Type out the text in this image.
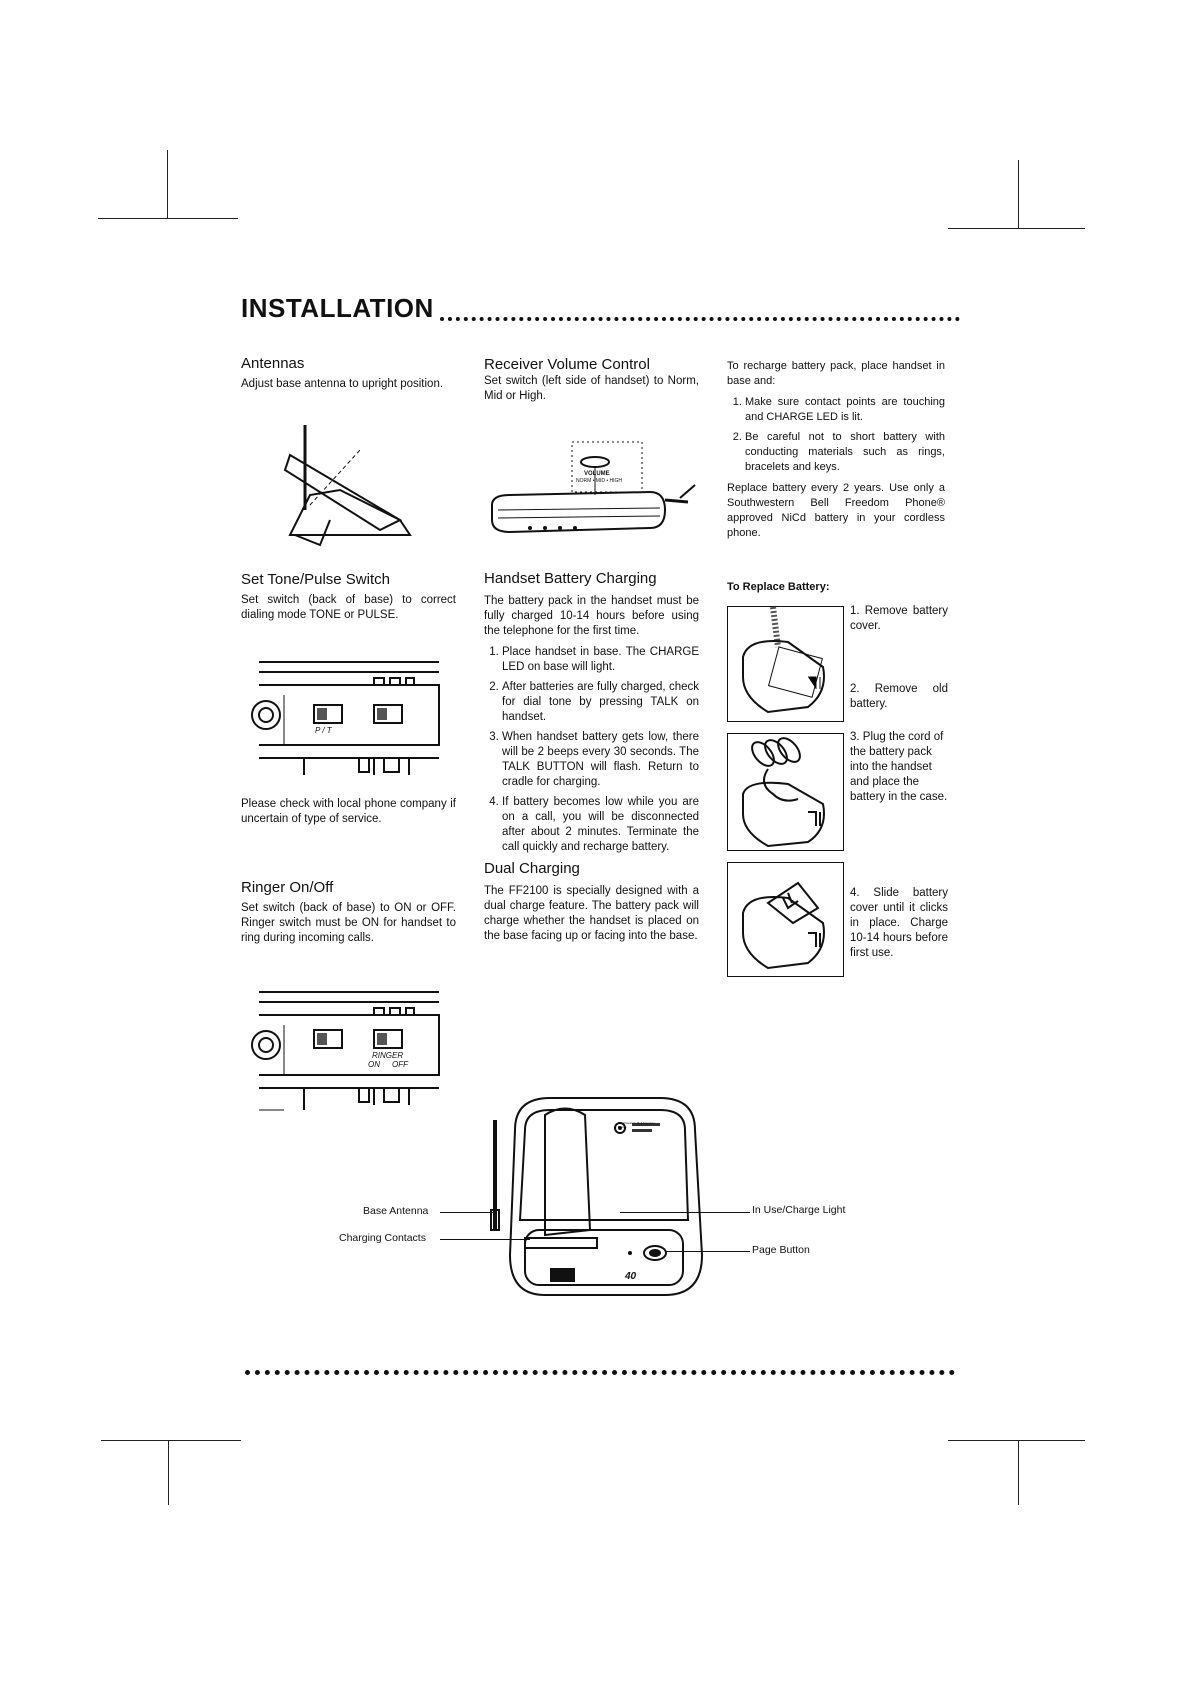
INSTALLATION
Antennas

Adjust base antenna to upright position.

Set Tone/Pulse Switch

Set switch (back of base) to correct dialing mode TONE or PULSE.

P / T

Please check with local phone company if uncertain of type of service.

Ringer On/Off

Set switch (back of base) to ON or OFF. Ringer switch must be ON for handset to ring during incoming calls.

RINGER
ON OFF
Receiver Volume Control

Set switch (left side of handset) to Norm, Mid or High.

VOLUME
NORM • MID • HIGH
Handset Battery Charging

The battery pack in the handset must be fully charged 10-14 hours before using the telephone for the first time.

1. Place handset in base. The CHARGE LED on base will light.
2. After batteries are fully charged, check for dial tone by pressing TALK on handset.
3. When handset battery gets low, there will be 2 beeps every 30 seconds. The TALK BUTTON will flash. Return to cradle for charging.
4. If battery becomes low while you are on a call, you will be disconnected after about 2 minutes. Terminate the call quickly and recharge battery.
Dual Charging

The FF2100 is specially designed with a dual charge feature. The battery pack will charge whether the handset is placed on the base facing up or facing into the base.

To recharge battery pack, place handset in base and:

1. Make sure contact points are touching and CHARGE LED is lit.
2. Be careful not to short battery with conducting materials such as rings, bracelets and keys.

Replace battery every 2 years. Use only a Southwestern Bell Freedom Phone® approved NiCd battery in your cordless phone.

To Replace Battery:

1. Remove battery cover.

2. Remove old battery.

3. Plug the cord of the battery pack into the handset and place the battery in the case.

4. Slide battery cover until it clicks in place. Charge 10-14 hours before first use.

40
Southwestern Bell Freedom Phone
Base Antenna
Charging Contacts
In Use/Charge Light
Page Button
